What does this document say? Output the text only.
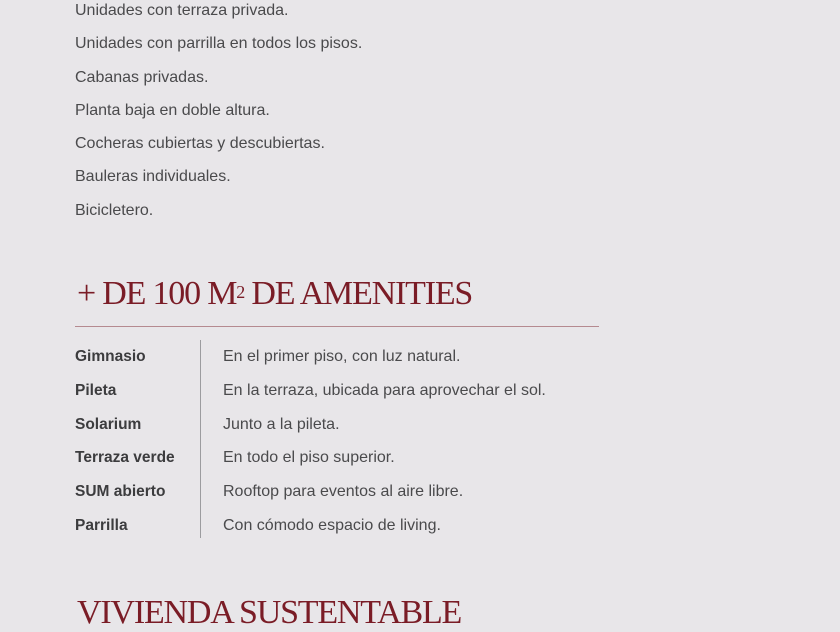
Unidades con terraza privada.
Unidades con parrilla en todos los pisos.
Cabanas privadas.
Planta baja en doble altura.
Cocheras cubiertas y descubiertas.
Bauleras individuales.
Bicicletero.
+ DE 100 $M^2$ DE AMENITIES
Gimnasio	En el primer piso, con luz natural.
Pileta	En la terraza, ubicada para aprovechar el sol.
Solarium	Junto a la pileta.
Terraza verde	En todo el piso superior.
SUM abierto	Rooftop para eventos al aire libre.
Parrilla	Con cómodo espacio de living.
VIVIENDA SUSTENTABLE
